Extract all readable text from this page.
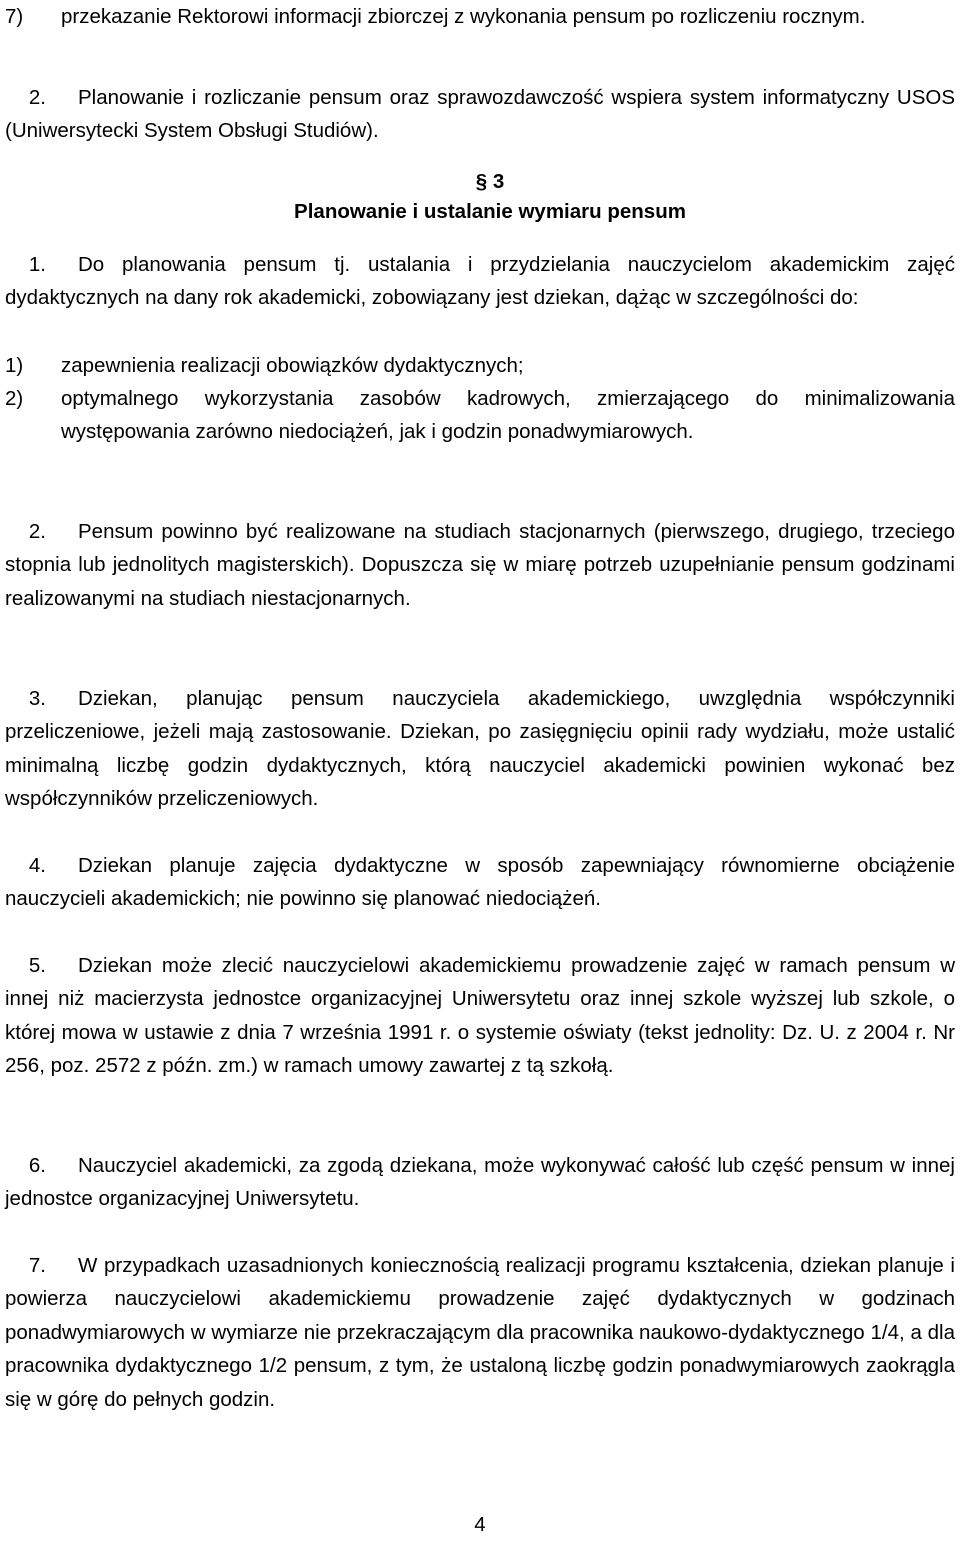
7)	przekazanie Rektorowi informacji zbiorczej z wykonania pensum po rozliczeniu rocznym.

2. Planowanie i rozliczanie pensum oraz sprawozdawczość wspiera system informatyczny USOS (Uniwersytecki System Obsługi Studiów).

§ 3
Planowanie i ustalanie wymiaru pensum

1. Do planowania pensum tj. ustalania i przydzielania nauczycielom akademickim zajęć dydaktycznych na dany rok akademicki, zobowiązany jest dziekan, dążąc w szczególności do:

1)	zapewnienia realizacji obowiązków dydaktycznych;
2)	optymalnego wykorzystania zasobów kadrowych, zmierzającego do minimalizowania występowania zarówno niedociążeń, jak i godzin ponadwymiarowych.

2. Pensum powinno być realizowane na studiach stacjonarnych (pierwszego, drugiego, trzeciego stopnia lub jednolitych magisterskich). Dopuszcza się w miarę potrzeb uzupełnianie pensum godzinami realizowanymi na studiach niestacjonarnych.

3. Dziekan, planując pensum nauczyciela akademickiego, uwzględnia współczynniki przeliczeniowe, jeżeli mają zastosowanie. Dziekan, po zasięgnięciu opinii rady wydziału, może ustalić minimalną liczbę godzin dydaktycznych, którą nauczyciel akademicki powinien wykonać bez współczynników przeliczeniowych.

4. Dziekan planuje zajęcia dydaktyczne w sposób zapewniający równomierne obciążenie nauczycieli akademickich; nie powinno się planować niedociążeń.

5. Dziekan może zlecić nauczycielowi akademickiemu prowadzenie zajęć w ramach pensum w innej niż macierzysta jednostce organizacyjnej Uniwersytetu oraz innej szkole wyższej lub szkole, o której mowa w ustawie z dnia 7 września 1991 r. o systemie oświaty (tekst jednolity: Dz. U. z 2004 r. Nr 256, poz. 2572 z późn. zm.) w ramach umowy zawartej z tą szkołą.

6. Nauczyciel akademicki, za zgodą dziekana, może wykonywać całość lub część pensum w innej jednostce organizacyjnej Uniwersytetu.

7. W przypadkach uzasadnionych koniecznością realizacji programu kształcenia, dziekan planuje i powierza nauczycielowi akademickiemu prowadzenie zajęć dydaktycznych w godzinach ponadwymiarowych w wymiarze nie przekraczającym dla pracownika naukowo-dydaktycznego 1/4, a dla pracownika dydaktycznego 1/2 pensum, z tym, że ustaloną liczbę godzin ponadwymiarowych zaokrągla się w górę do pełnych godzin.

4
